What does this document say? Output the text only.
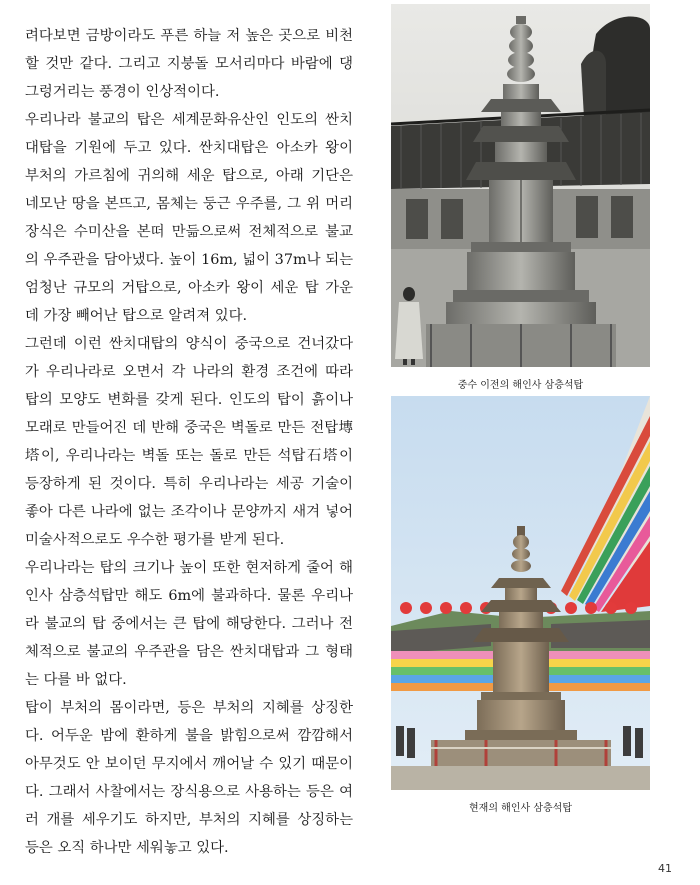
려다보면 금방이라도 푸른 하늘 저 높은 곳으로 비천할 것만 같다. 그리고 지붕돌 모서리마다 바람에 댕그렁거리는 풍경이 인상적이다.

우리나라 불교의 탑은 세계문화유산인 인도의 싼치 대탑을 기원에 두고 있다. 싼치대탑은 아소카 왕이 부처의 가르침에 귀의해 세운 탑으로, 아래 기단은 네모난 땅을 본뜨고, 몸체는 둥근 우주를, 그 위 머리장식은 수미산을 본떠 만듦으로써 전체적으로 불교의 우주관을 담아냈다. 높이 16m, 넓이 37m나 되는 엄청난 규모의 거탑으로, 아소카 왕이 세운 탑 가운데 가장 빼어난 탑으로 알려져 있다.

그런데 이런 싼치대탑의 양식이 중국으로 건너갔다가 우리나라로 오면서 각 나라의 환경 조건에 따라 탑의 모양도 변화를 갖게 된다. 인도의 탑이 흙이나 모래로 만들어진 데 반해 중국은 벽돌로 만든 전탑塼塔이, 우리나라는 벽돌 또는 돌로 만든 석탑石塔이 등장하게 된 것이다. 특히 우리나라는 세공 기술이 좋아 다른 나라에 없는 조각이나 문양까지 새겨 넣어 미술사적으로도 우수한 평가를 받게 된다.

우리나라는 탑의 크기나 높이 또한 현저하게 줄어 해인사 삼층석탑만 해도 6m에 불과하다. 물론 우리나라 불교의 탑 중에서는 큰 탑에 해당한다. 그러나 전체적으로 불교의 우주관을 담은 싼치대탑과 그 형태는 다를 바 없다.

탑이 부처의 몸이라면, 등은 부처의 지혜를 상징한다. 어두운 밤에 환하게 불을 밝힘으로써 깜깜해서 아무것도 안 보이던 무지에서 깨어날 수 있기 때문이다. 그래서 사찰에서는 장식용으로 사용하는 등은 여러 개를 세우기도 하지만, 부처의 지혜를 상징하는 등은 오직 하나만 세워놓고 있다.

중수 이전의 해인사 삼층석탑
현재의 해인사 삼층석탑
41
